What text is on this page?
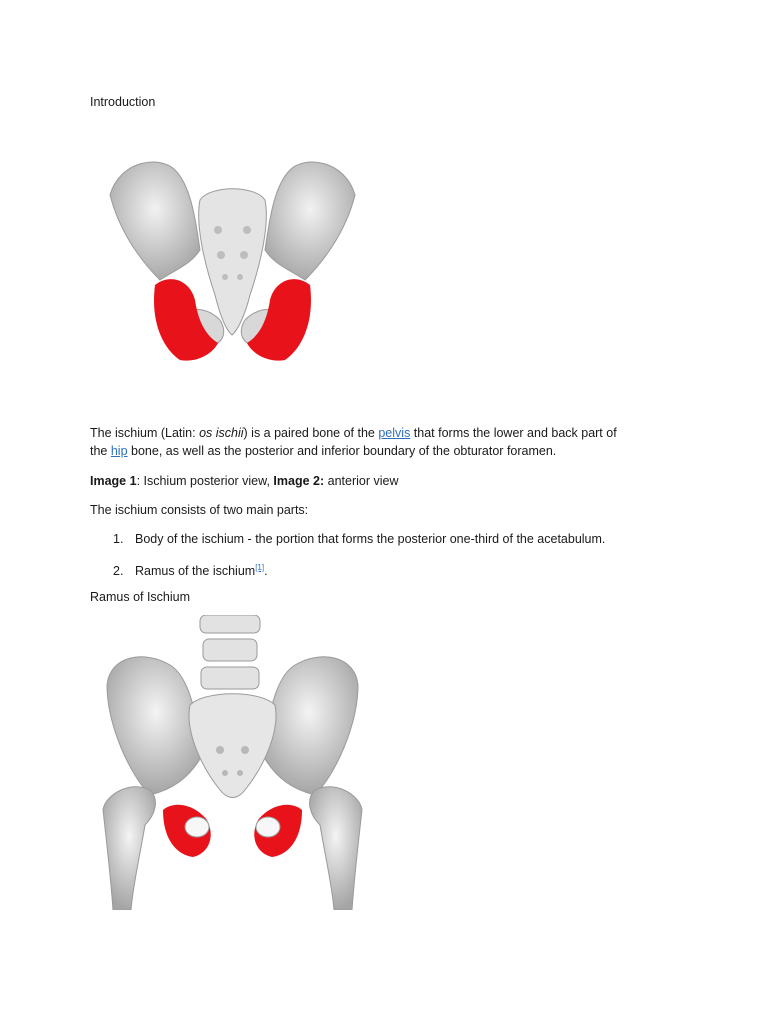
Introduction
The ischium (Latin: os ischii) is a paired bone of the pelvis that forms the lower and back part of
the hip bone, as well as the posterior and inferior boundary of the obturator foramen.
Image 1: Ischium posterior view, Image 2: anterior view
The ischium consists of two main parts:
1. Body of the ischium - the portion that forms the posterior one-third of the acetabulum.
2. Ramus of the ischium[1].
Ramus of Ischium
